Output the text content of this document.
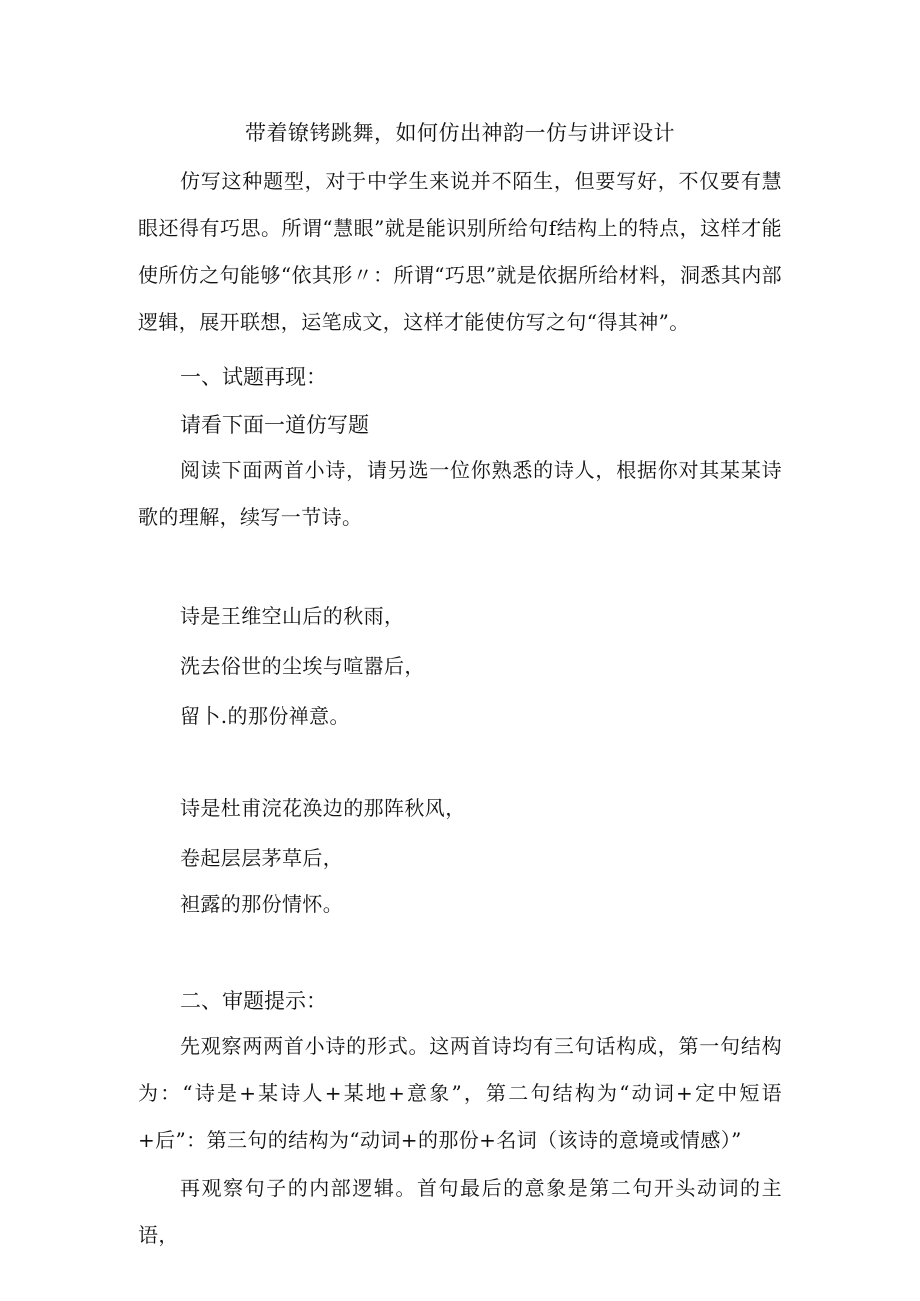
带着镣铐跳舞，如何仿出神韵一仿与讲评设计
仿写这种题型，对于中学生来说并不陌生，但要写好，不仅要有慧眼还得有巧思。所谓“慧眼”就是能识别所给句f结构上的特点，这样才能使所仿之句能够“依其形〃：所谓“巧思”就是依据所给材料，洞悉其内部逻辑，展开联想，运笔成文，这样才能使仿写之句“得其神”。
一、试题再现：
请看下面一道仿写题
阅读下面两首小诗，请另选一位你熟悉的诗人，根据你对其某某诗歌的理解，续写一节诗。
诗是王维空山后的秋雨，
洗去俗世的尘埃与喧嚣后，
留卜.的那份禅意。
诗是杜甫浣花涣边的那阵秋风，
卷起层层茅草后，
袒露的那份情怀。
二、审题提示：
先观察两两首小诗的形式。这两首诗均有三句话构成，第一句结构为：“诗是+某诗人+某地+意象”，第二句结构为“动词+定中短语+后”：第三句的结构为“动词+的那份+名词（该诗的意境或情感）”
再观察句子的内部逻辑。首句最后的意象是第二句开头动词的主语，
